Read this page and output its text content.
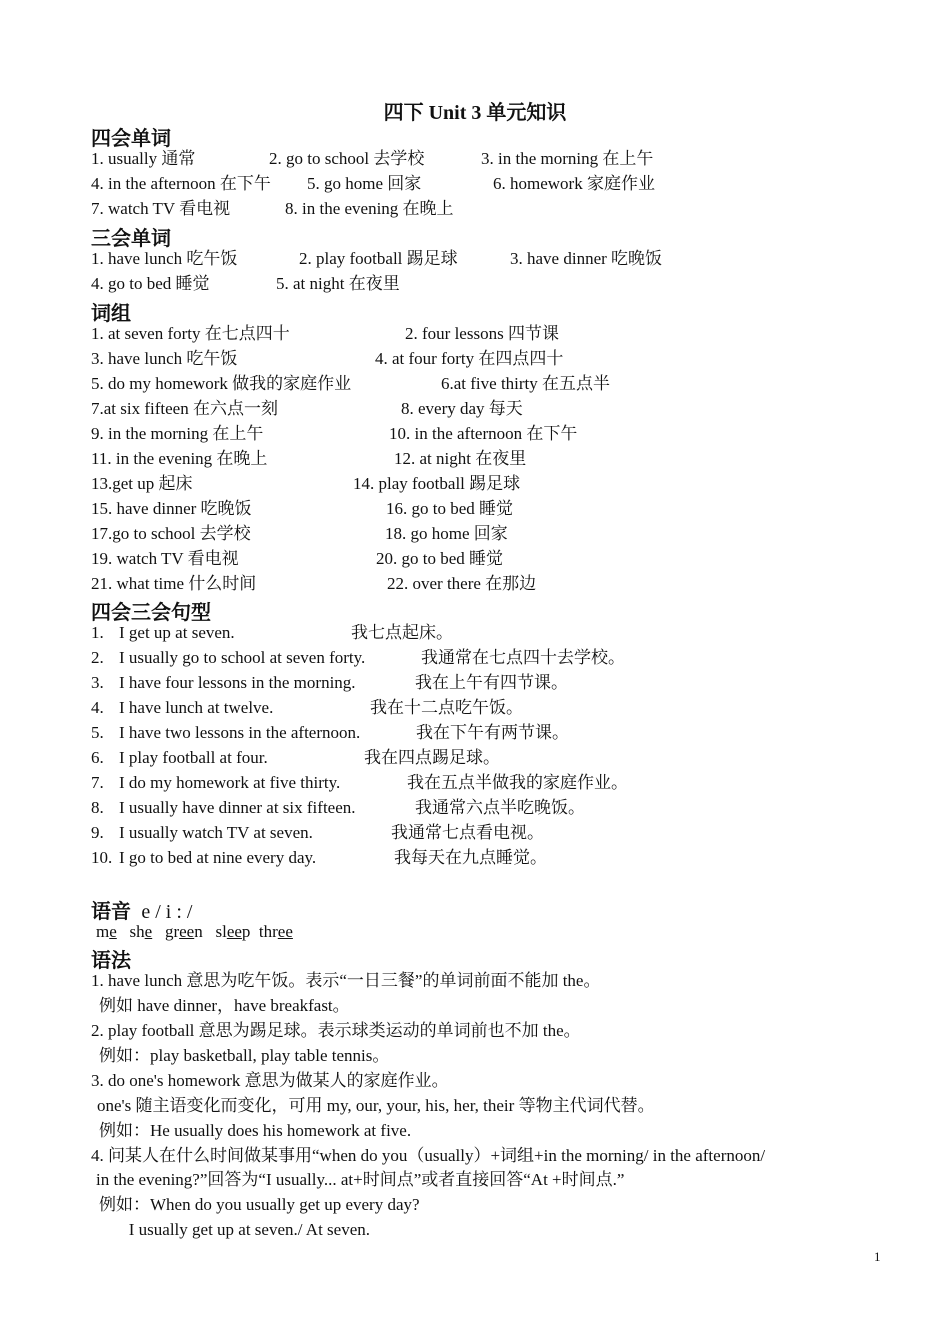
四下 Unit 3 单元知识
四会单词
1. usually 通常	2. go to school 去学校	3. in the morning 在上午
4. in the afternoon 在下午 5. go home 回家	6. homework 家庭作业
7. watch TV 看电视	8. in the evening 在晚上
三会单词
1. have lunch 吃午饭	2. play football 踢足球	3. have dinner 吃晚饭
4. go to bed 睡觉	5. at night 在夜里
词组
1. at seven forty 在七点四十	2. four lessons 四节课
3. have lunch 吃午饭	4. at four forty 在四点四十
5. do my homework 做我的家庭作业	6.at five thirty 在五点半
7.at six fifteen 在六点一刻	8. every day 每天
9. in the morning 在上午	10. in the afternoon 在下午
11. in the evening 在晚上	12. at night 在夜里
13.get up 起床	14. play football 踢足球
15. have dinner 吃晚饭	16. go to bed 睡觉
17.go to school 去学校	18. go home 回家
19. watch TV 看电视	20. go to bed 睡觉
21. what time 什么时间	22. over there 在那边
四会三会句型
1. I get up at seven.	我七点起床。
2. I usually go to school at seven forty.	我通常在七点四十去学校。
3. I have four lessons in the morning.	我在上午有四节课。
4. I have lunch at twelve.	我在十二点吃午饭。
5. I have two lessons in the afternoon.	我在下午有两节课。
6. I play football at four.	我在四点踢足球。
7. I do my homework at five thirty.	我在五点半做我的家庭作业。
8. I usually have dinner at six fifteen.	我通常六点半吃晚饭。
9. I usually watch TV at seven.	我通常七点看电视。
10. I go to bed at nine every day.	我每天在九点睡觉。
语音 e / i : /
me she green sleep three
语法
1. have lunch 意思为吃午饭。表示“一日三餐”的单词前面不能加 the。
例如 have dinner，have breakfast。
2. play football 意思为踢足球。表示球类运动的单词前也不加 the。
例如：play basketball, play table tennis。
3. do one's homework 意思为做某人的家庭作业。
one's 随主语变化而变化，可用 my, our, your, his, her, their 等物主代词代替。
例如：He usually does his homework at five.
4. 问某人在什么时间做某事用“when do you（usually）+词组+in the morning/ in the afternoon/
in the evening?”回答为“I usually... at+时间点”或者直接回答“At +时间点.”
例如：When do you usually get up every day?
I usually get up at seven./ At seven.
1
